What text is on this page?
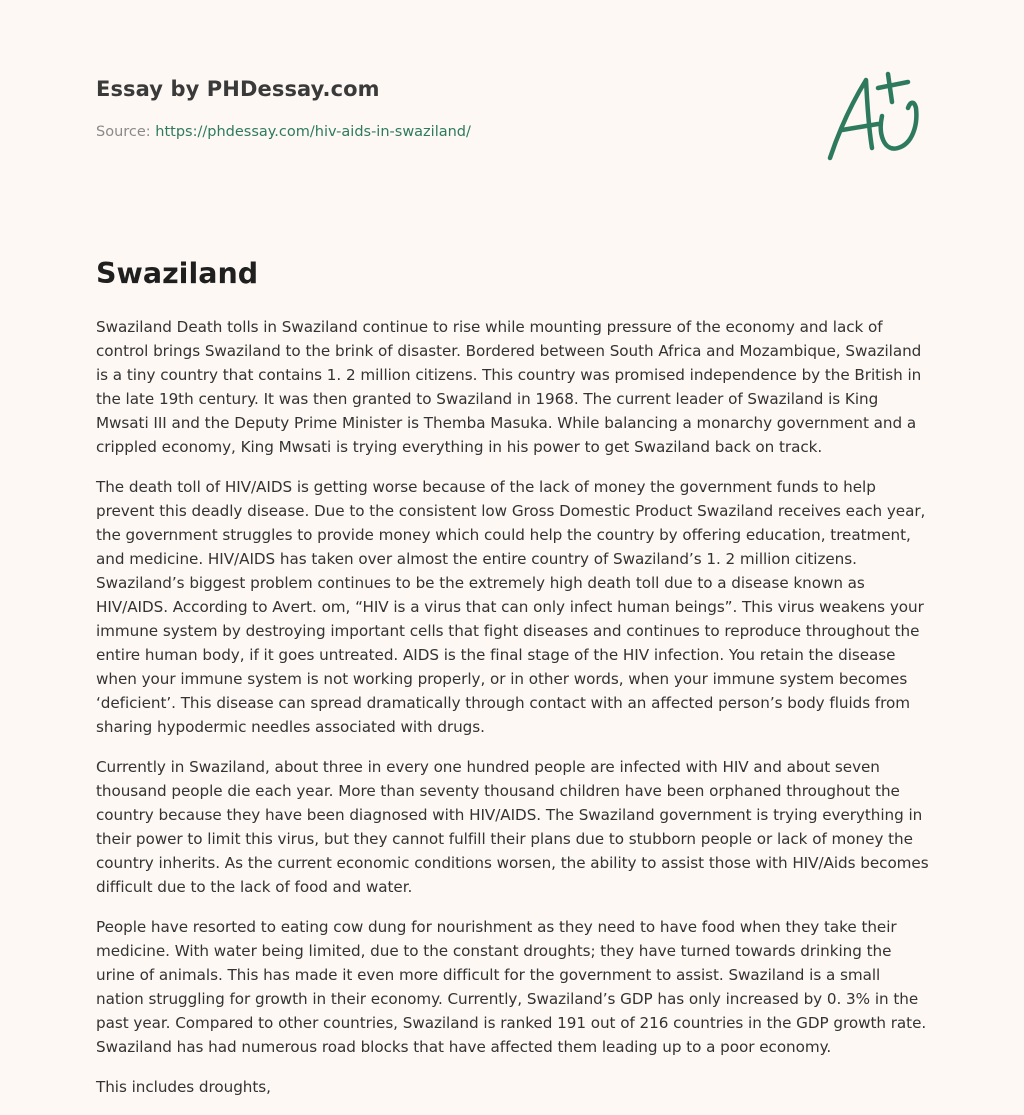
Essay by PHDessay.com
Source: https://phdessay.com/hiv-aids-in-swaziland/
Swaziland

Swaziland Death tolls in Swaziland continue to rise while mounting pressure of the economy and lack of control brings Swaziland to the brink of disaster. Bordered between South Africa and Mozambique, Swaziland is a tiny country that contains 1. 2 million citizens. This country was promised independence by the British in the late 19th century. It was then granted to Swaziland in 1968. The current leader of Swaziland is King Mwsati III and the Deputy Prime Minister is Themba Masuka. While balancing a monarchy government and a crippled economy, King Mwsati is trying everything in his power to get Swaziland back on track.

The death toll of HIV/AIDS is getting worse because of the lack of money the government funds to help prevent this deadly disease. Due to the consistent low Gross Domestic Product Swaziland receives each year, the government struggles to provide money which could help the country by offering education, treatment, and medicine. HIV/AIDS has taken over almost the entire country of Swaziland’s 1. 2 million citizens. Swaziland’s biggest problem continues to be the extremely high death toll due to a disease known as HIV/AIDS. According to Avert. om, “HIV is a virus that can only infect human beings”. This virus weakens your immune system by destroying important cells that fight diseases and continues to reproduce throughout the entire human body, if it goes untreated. AIDS is the final stage of the HIV infection. You retain the disease when your immune system is not working properly, or in other words, when your immune system becomes ‘deficient’. This disease can spread dramatically through contact with an affected person’s body fluids from sharing hypodermic needles associated with drugs.

Currently in Swaziland, about three in every one hundred people are infected with HIV and about seven thousand people die each year. More than seventy thousand children have been orphaned throughout the country because they have been diagnosed with HIV/AIDS. The Swaziland government is trying everything in their power to limit this virus, but they cannot fulfill their plans due to stubborn people or lack of money the country inherits. As the current economic conditions worsen, the ability to assist those with HIV/Aids becomes difficult due to the lack of food and water.

People have resorted to eating cow dung for nourishment as they need to have food when they take their medicine. With water being limited, due to the constant droughts; they have turned towards drinking the urine of animals. This has made it even more difficult for the government to assist. Swaziland is a small nation struggling for growth in their economy. Currently, Swaziland’s GDP has only increased by 0. 3% in the past year. Compared to other countries, Swaziland is ranked 191 out of 216 countries in the GDP growth rate. Swaziland has had numerous road blocks that have affected them leading up to a poor economy.

This includes droughts,
